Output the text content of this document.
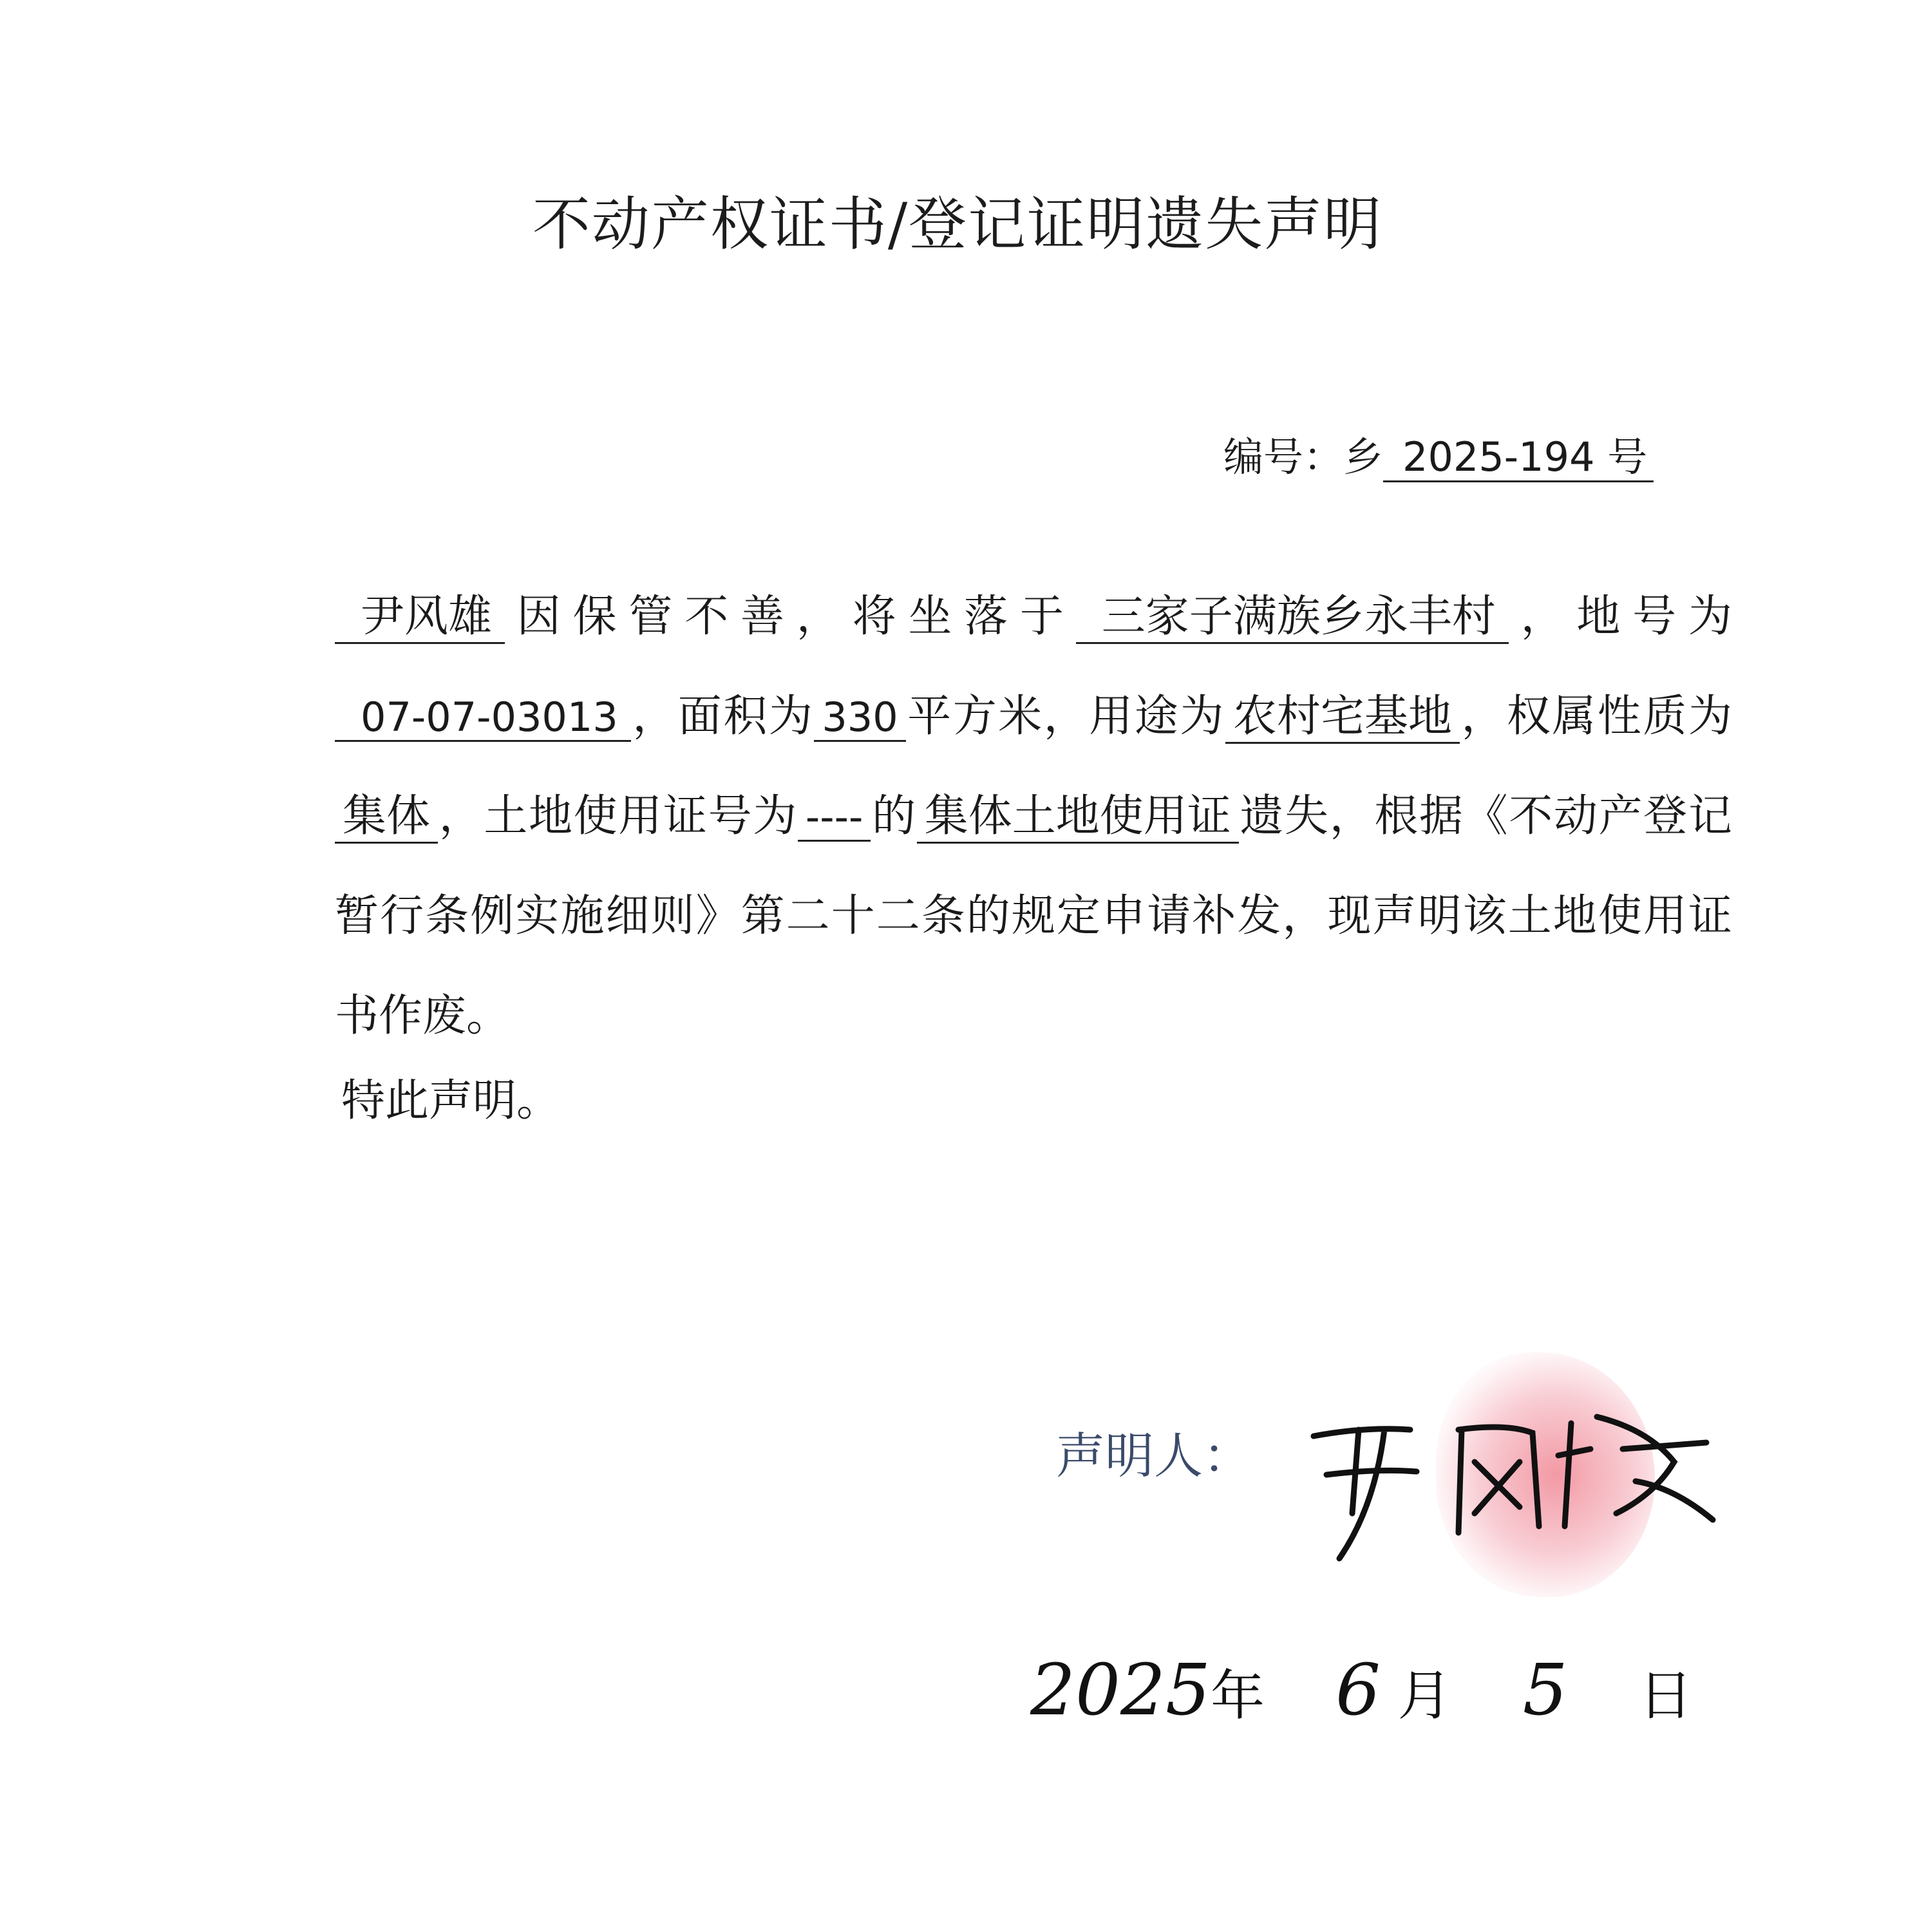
不动产权证书/登记证明遗失声明
编号：乡 2025-194 号

尹风雄 因保管不善，将坐落于 三家子满族乡永丰村 ，地号为07-07-03013 ，面积为 330 平方米，用途为 农村宅基地 ，权属性质为集体 ，土地使用证号为 ---- 的 集体土地使用证 遗失，根据《不动产登记暂行条例实施细则》第二十二条的规定申请补发，现声明该土地使用证书作废。

特此声明。
声明人：
2025年 6 月 5 日
